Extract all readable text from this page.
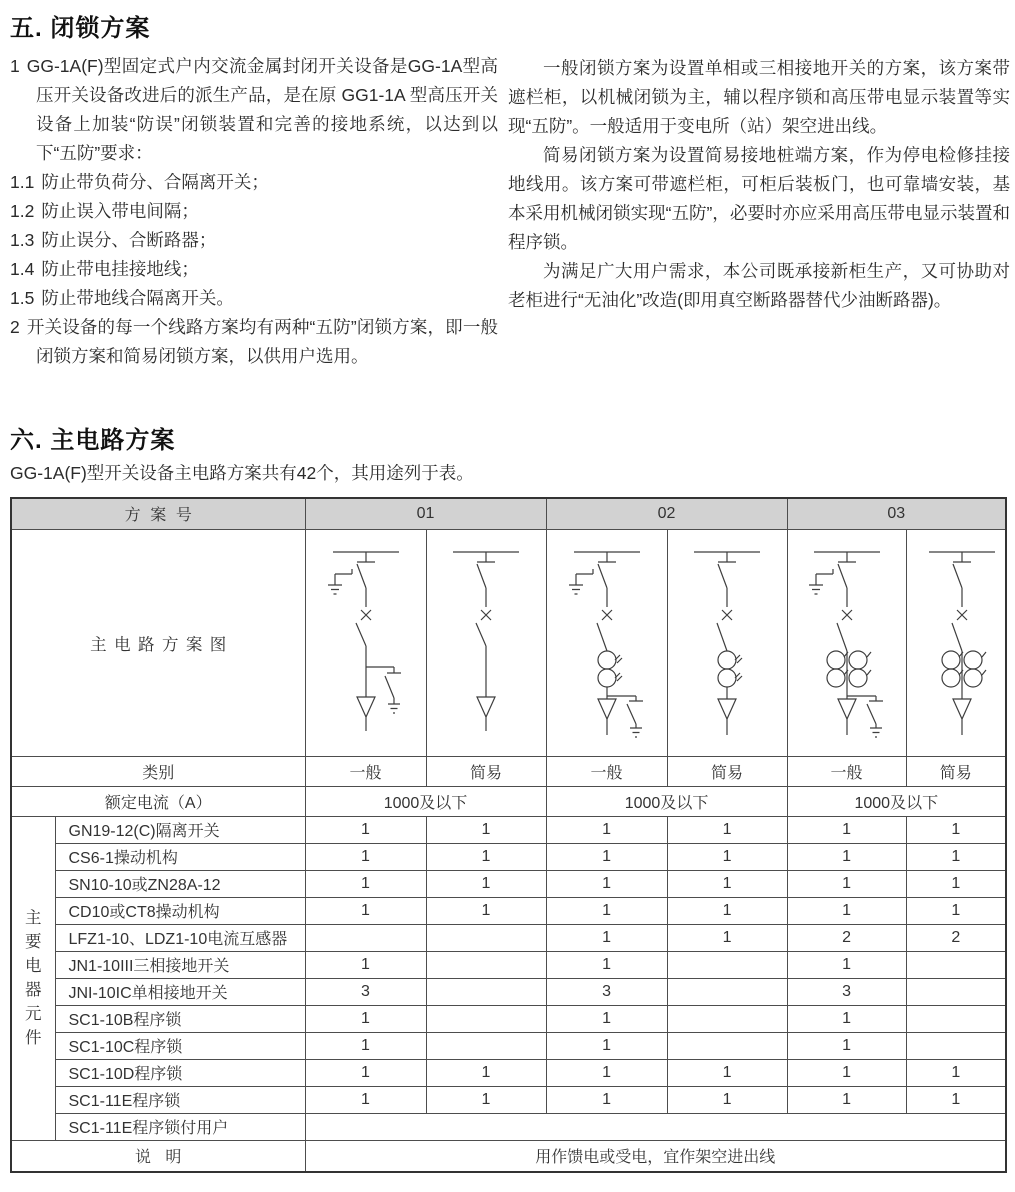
五. 闭锁方案
1 GG-1A(F)型固定式户内交流金属封闭开关设备是GG-1A型高压开关设备改进后的派生产品，是在原 GG1-1A 型高压开关设备上加装“防误”闭锁装置和完善的接地系统，以达到以下“五防”要求：
1.1 防止带负荷分、合隔离开关；
1.2 防止误入带电间隔；
1.3 防止误分、合断路器；
1.4 防止带电挂接地线；
1.5 防止带地线合隔离开关。
2 开关设备的每一个线路方案均有两种“五防”闭锁方案，即一般闭锁方案和简易闭锁方案，以供用户选用。
一般闭锁方案为设置单相或三相接地开关的方案，该方案带遮栏柜，以机械闭锁为主，辅以程序锁和高压带电显示装置等实现“五防”。一般适用于变电所（站）架空进出线。
简易闭锁方案为设置简易接地桩端方案，作为停电检修挂接地线用。该方案可带遮栏柜，可柜后装板门，也可靠墙安装，基本采用机械闭锁实现“五防”，必要时亦应采用高压带电显示装置和程序锁。
为满足广大用户需求，本公司既承接新柜生产，又可协助对老柜进行“无油化”改造(即用真空断路器替代少油断路器)。
六. 主电路方案
GG-1A(F)型开关设备主电路方案共有42个，其用途列于表。
方案号		01		02		03	
主电路方案图	

类别		一般	简易	一般	简易	一般	简易
额定电流（A）		1000及以下		1000及以下		1000及以下	

主
要
电
器
元
件
	GN19-12(C)隔离开关	1	1	1	1	1	1
	CS6-1操动机构	1	1	1	1	1	1
	SN10-10或ZN28A-12	1	1	1	1	1	1
	CD10或CT8操动机构	1	1	1	1	1	1
	LFZ1-10、LDZ1-10电流互感器			1	1	2	2
	JN1-10III三相接地开关	1		1		1	
	JNI-10IC单相接地开关	3		3		3	
	SC1-10B程序锁	1		1		1	
	SC1-10C程序锁	1		1		1	
	SC1-10D程序锁	1	1	1	1	1	1
	SC1-11E程序锁	1	1	1	1	1	1
	SC1-11E程序锁付用户						
说明		用作馈电或受电，宜作架空进出线					
